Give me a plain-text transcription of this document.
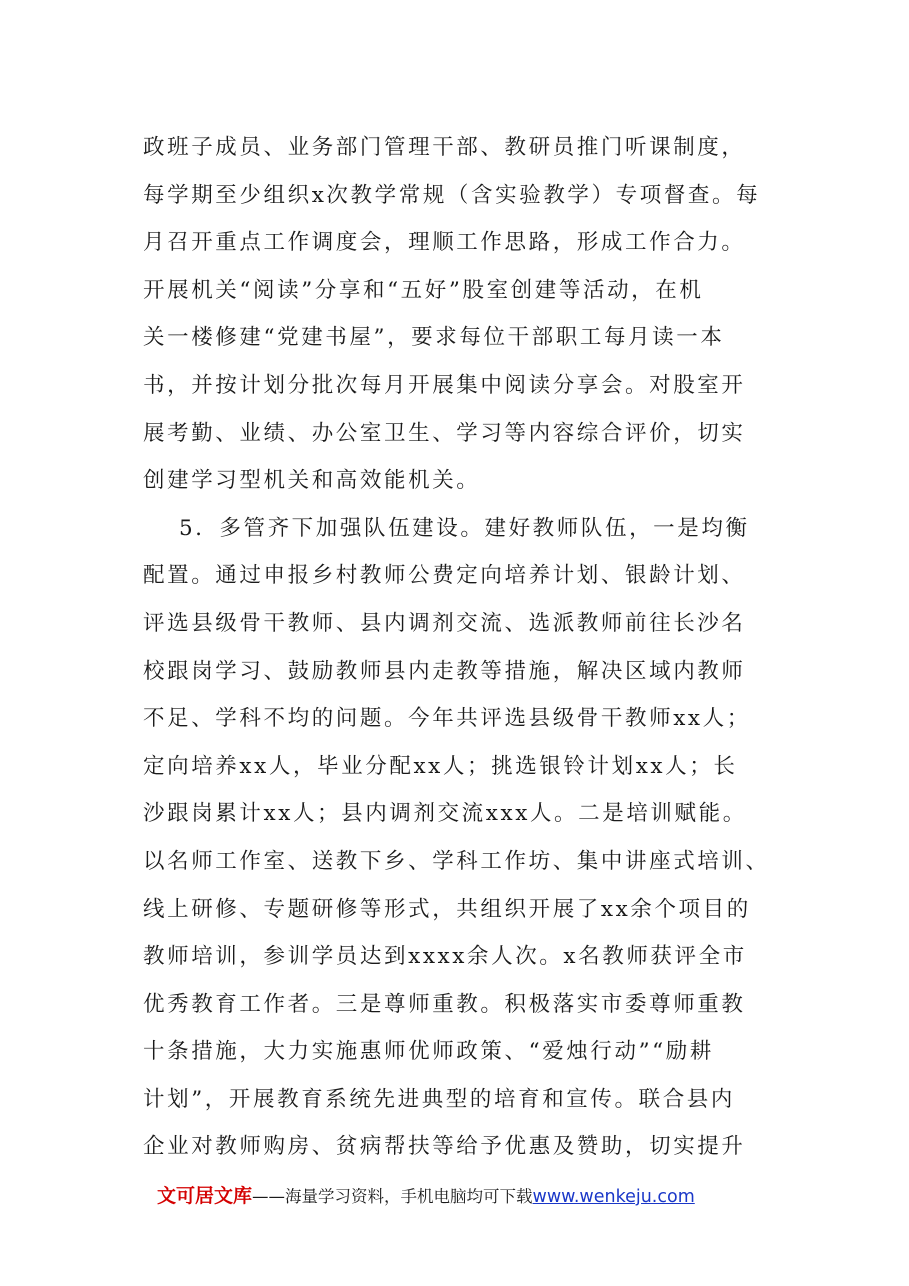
政班子成员、业务部门管理干部、教研员推门听课制度，
每学期至少组织x次教学常规（含实验教学）专项督查。每
月召开重点工作调度会，理顺工作思路，形成工作合力。
开展机关“阅读”分享和“五好”股室创建等活动，在机
关一楼修建“党建书屋”，要求每位干部职工每月读一本
书，并按计划分批次每月开展集中阅读分享会。对股室开
展考勤、业绩、办公室卫生、学习等内容综合评价，切实
创建学习型机关和高效能机关。
5．多管齐下加强队伍建设。建好教师队伍，一是均衡
配置。通过申报乡村教师公费定向培养计划、银龄计划、
评选县级骨干教师、县内调剂交流、选派教师前往长沙名
校跟岗学习、鼓励教师县内走教等措施，解决区域内教师
不足、学科不均的问题。今年共评选县级骨干教师xx人；
定向培养xx人，毕业分配xx人；挑选银铃计划xx人；长
沙跟岗累计xx人；县内调剂交流xxx人。二是培训赋能。
以名师工作室、送教下乡、学科工作坊、集中讲座式培训、
线上研修、专题研修等形式，共组织开展了xx余个项目的
教师培训，参训学员达到xxxx余人次。x名教师获评全市
优秀教育工作者。三是尊师重教。积极落实市委尊师重教
十条措施，大力实施惠师优师政策、“爱烛行动”“励耕
计划”，开展教育系统先进典型的培育和宣传。联合县内
企业对教师购房、贫病帮扶等给予优惠及赞助，切实提升
文可居文库——海量学习资料，手机电脑均可下载www.wenkeju.com
